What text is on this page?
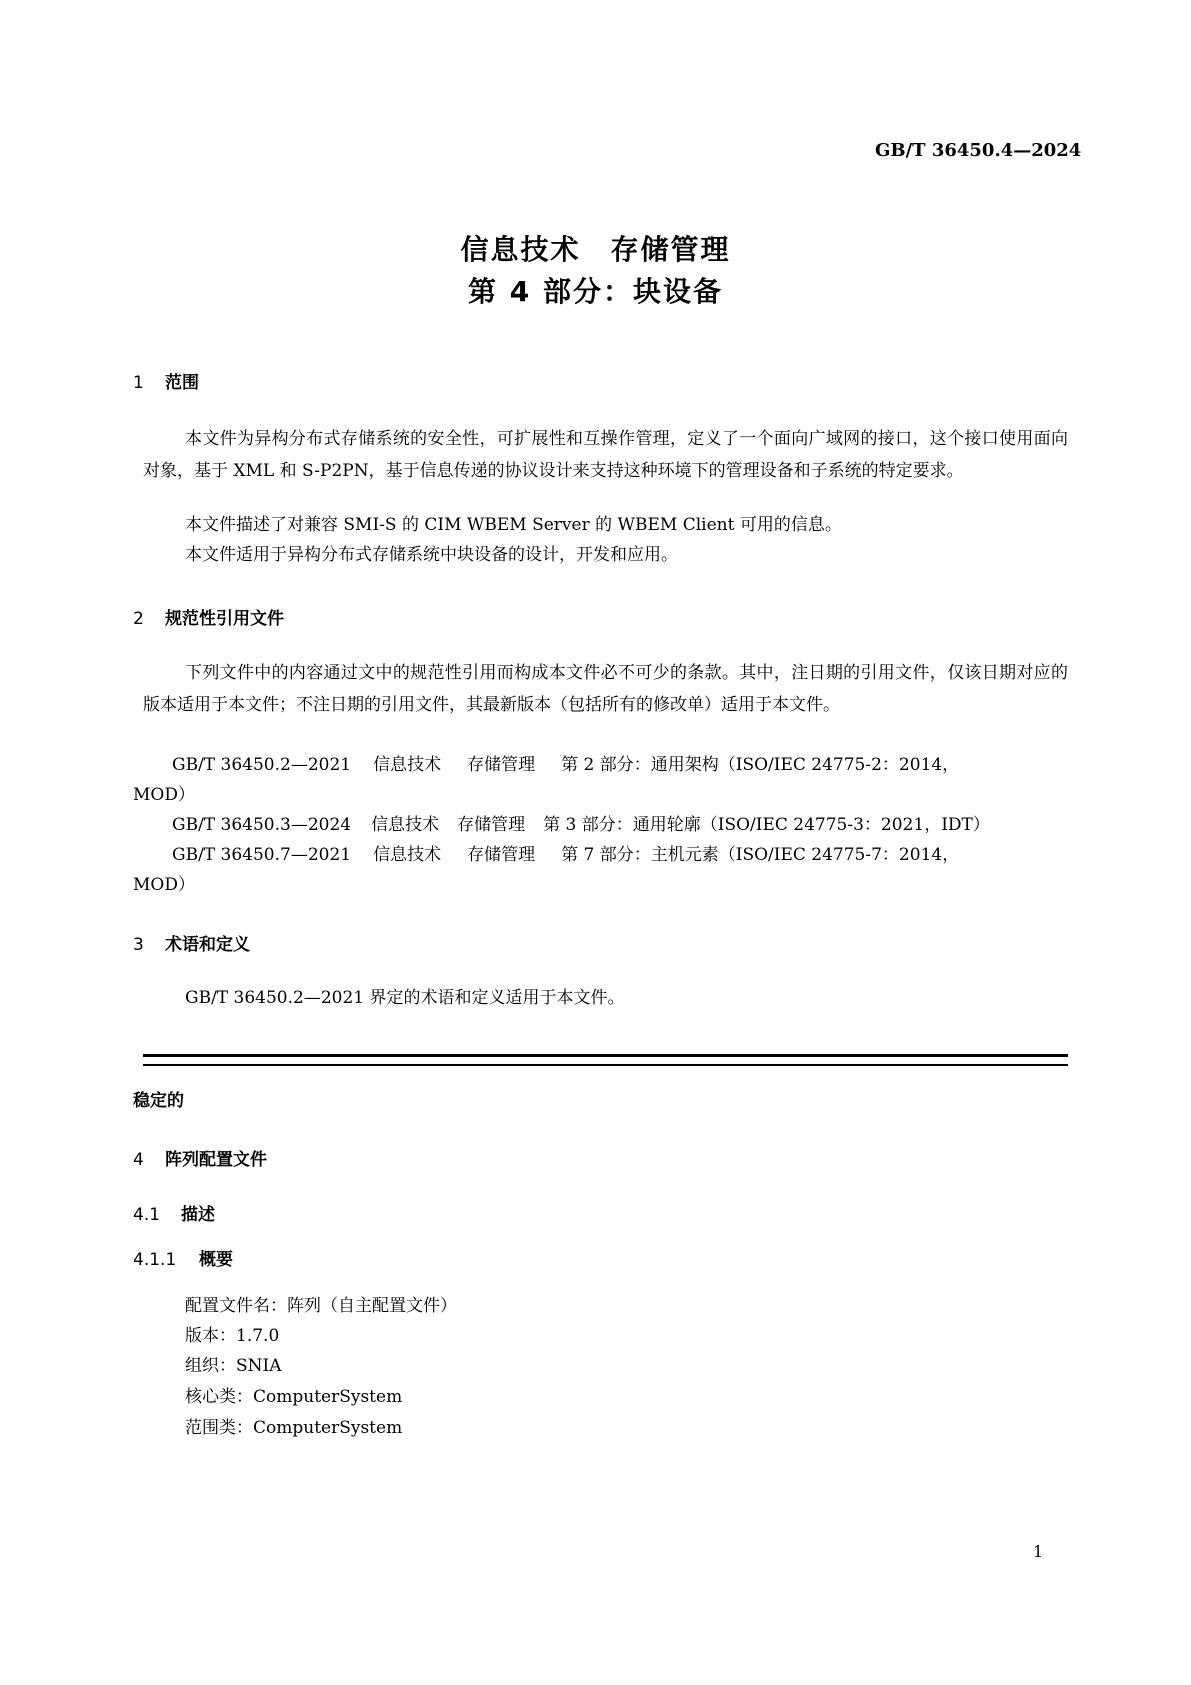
GB/T 36450.4—2024
信息技术　存储管理
第 4 部分：块设备
1 范围
本文件为异构分布式存储系统的安全性，可扩展性和互操作管理，定义了一个面向广域网的接口，这个接口使用面向对象，基于 XML 和 S-P2PN，基于信息传递的协议设计来支持这种环境下的管理设备和子系统的特定要求。
本文件描述了对兼容 SMI-S 的 CIM WBEM Server 的 WBEM Client 可用的信息。
本文件适用于异构分布式存储系统中块设备的设计，开发和应用。
2 规范性引用文件
下列文件中的内容通过文中的规范性引用而构成本文件必不可少的条款。其中，注日期的引用文件，仅该日期对应的版本适用于本文件；不注日期的引用文件，其最新版本（包括所有的修改单）适用于本文件。
GB/T 36450.2—2021 信息技术 存储管理 第 2 部分：通用架构（ISO/IEC 24775-2：2014，
MOD）
GB/T 36450.3—2024 信息技术 存储管理 第 3 部分：通用轮廓（ISO/IEC 24775-3：2021，IDT）
GB/T 36450.7—2021 信息技术 存储管理 第 7 部分：主机元素（ISO/IEC 24775-7：2014，
MOD）
3 术语和定义
GB/T 36450.2—2021 界定的术语和定义适用于本文件。
稳定的
4 阵列配置文件
4.1 描述
4.1.1 概要
配置文件名：阵列（自主配置文件）
版本：1.7.0
组织：SNIA
核心类：ComputerSystem
范围类：ComputerSystem
1
